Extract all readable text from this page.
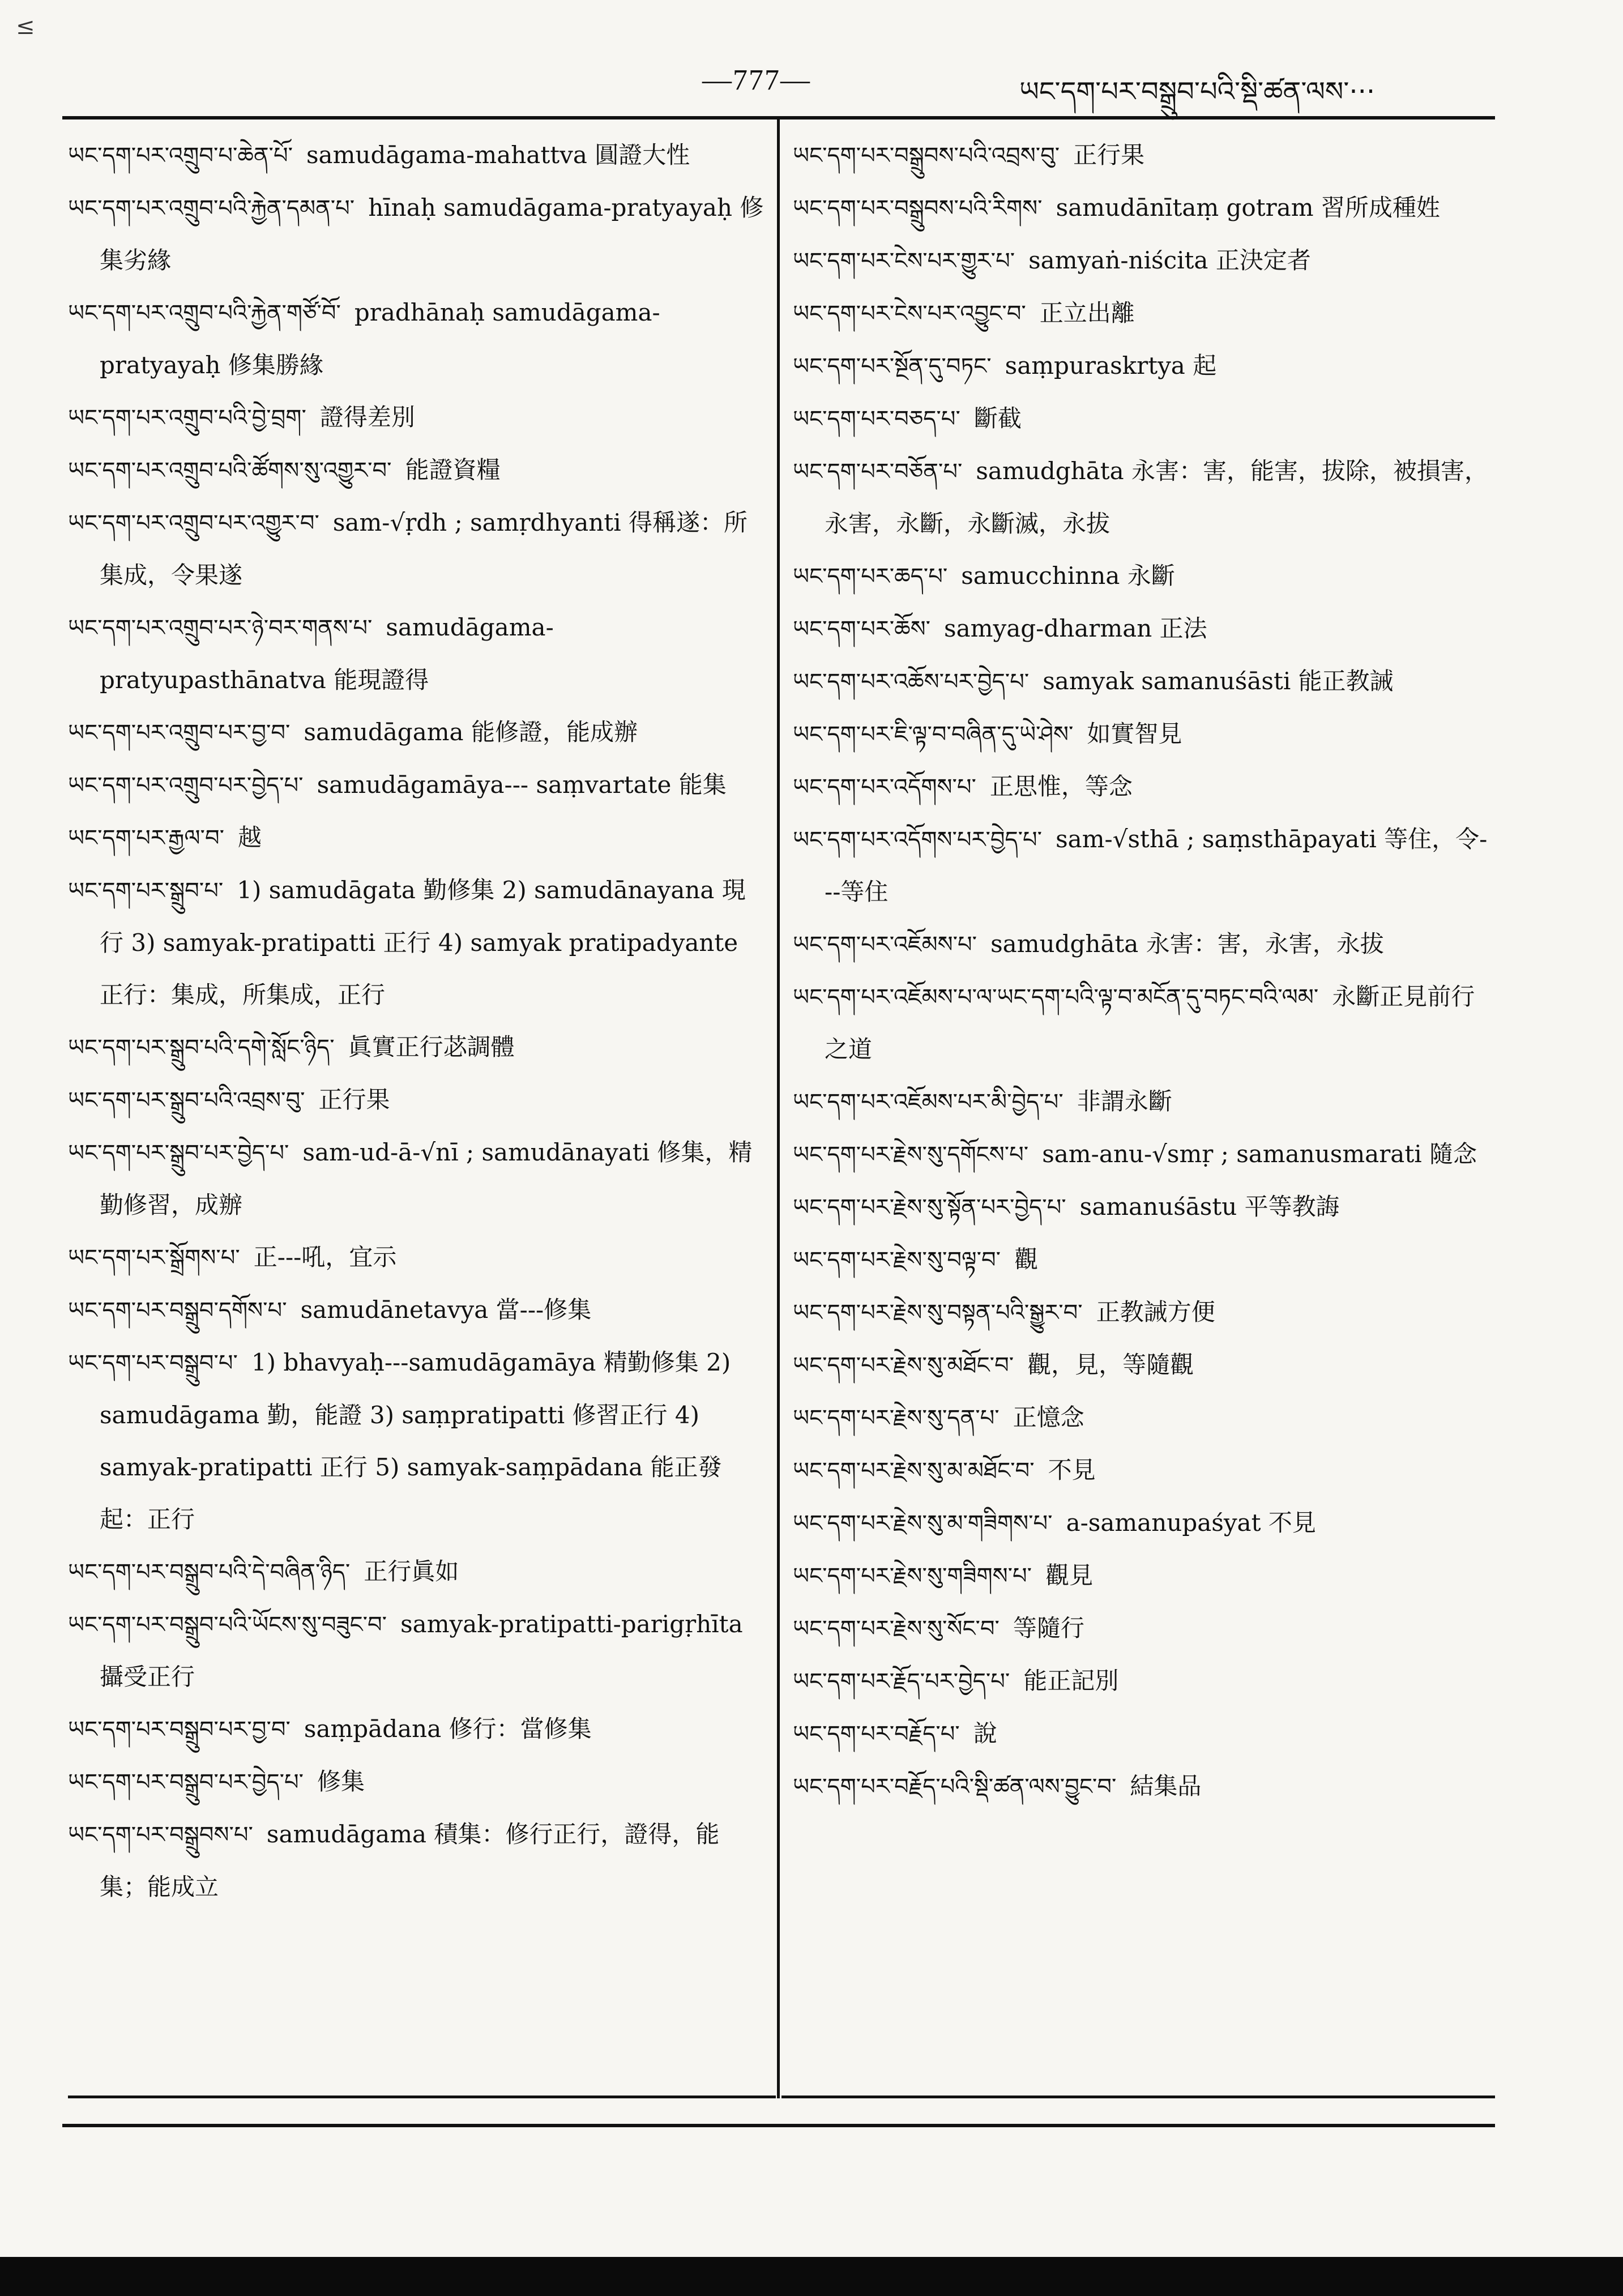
≤
—777—	ཡང་དག་པར་བསྒྲུབ་པའི་སྡི་ཚན་ལས་···
ཡང་དག་པར་འགྲུབ་པ་ཆེན་པོ་ samudāgama-mahattva 圓證大性
ཡང་དག་པར་འགྲུབ་པའི་རྐྱེན་དམན་པ་ hīnaḥ samudāgama-pratyayaḥ 修集劣緣
ཡང་དག་པར་འགྲུབ་པའི་རྐྱེན་གཙོ་བོ་ pradhānaḥ samudāgama-pratyayaḥ 修集勝緣
ཡང་དག་པར་འགྲུབ་པའི་བྱེ་བྲག་ 證得差別
ཡང་དག་པར་འགྲུབ་པའི་ཚོགས་སུ་འགྱུར་བ་ 能證資糧
ཡང་དག་པར་འགྲུབ་པར་འགྱུར་བ་ sam-√ṛdh ; samṛdhyanti 得稱遂：所集成，令果遂
ཡང་དག་པར་འགྲུབ་པར་ཉེ་བར་གནས་པ་ samudāgama-pratyupasthānatva 能現證得
ཡང་དག་པར་འགྲུབ་པར་བྱ་བ་ samudāgama 能修證，能成辦
ཡང་དག་པར་འགྲུབ་པར་བྱེད་པ་ samudāgamāya--- saṃvartate 能集
ཡང་དག་པར་རྒྱལ་བ་ 越
ཡང་དག་པར་སྒྲུབ་པ་ 1) samudāgata 勤修集 2) samudānayana 現行 3) samyak-pratipatti 正行 4) samyak pratipadyante 正行：集成，所集成，正行
ཡང་དག་པར་སྒྲུབ་པའི་དགེ་སློང་ཉིད་ 眞實正行苾調體
ཡང་དག་པར་སྒྲུབ་པའི་འབྲས་བུ་ 正行果
ཡང་དག་པར་སྒྲུབ་པར་བྱེད་པ་ sam-ud-ā-√nī ; samudānayati 修集，精勤修習，成辦
ཡང་དག་པར་སྒྲོགས་པ་ 正---吼，宜示
ཡང་དག་པར་བསྒྲུབ་དགོས་པ་ samudānetavya 當---修集
ཡང་དག་པར་བསྒྲུབ་པ་ 1) bhavyaḥ---samudāgamāya 精勤修集 2) samudāgama 勤，能證 3) saṃpratipatti 修習正行 4) samyak-pratipatti 正行 5) samyak-saṃpādana 能正發起：正行
ཡང་དག་པར་བསྒྲུབ་པའི་དེ་བཞིན་ཉིད་ 正行眞如
ཡང་དག་པར་བསྒྲུབ་པའི་ཡོངས་སུ་བཟུང་བ་ samyak-pratipatti-parigṛhīta 攝受正行
ཡང་དག་པར་བསྒྲུབ་པར་བྱ་བ་ saṃpādana 修行：當修集
ཡང་དག་པར་བསྒྲུབ་པར་བྱེད་པ་ 修集
ཡང་དག་པར་བསྒྲུབས་པ་ samudāgama 積集：修行正行，證得，能集；能成立
ཡང་དག་པར་བསྒྲུབས་པའི་འབྲས་བུ་ 正行果
ཡང་དག་པར་བསྒྲུབས་པའི་རིགས་ samudānītaṃ gotram 習所成種姓
ཡང་དག་པར་ངེས་པར་གྱུར་པ་ samyaṅ-niścita 正決定者
ཡང་དག་པར་ངེས་པར་འབྱུང་བ་ 正立出離
ཡང་དག་པར་སྔོན་དུ་བཏང་ saṃpuraskrtya 起
ཡང་དག་པར་བཅད་པ་ 斷截
ཡང་དག་པར་བཅོན་པ་ samudghāta 永害：害，能害，拔除，被損害，永害，永斷，永斷滅，永拔
ཡང་དག་པར་ཆད་པ་ samucchinna 永斷
ཡང་དག་པར་ཆོས་ samyag-dharman 正法
ཡང་དག་པར་འཆོས་པར་བྱེད་པ་ samyak samanuśāsti 能正教誡
ཡང་དག་པར་ཇི་ལྟ་བ་བཞིན་དུ་ཡེ་ཤེས་ 如實智見
ཡང་དག་པར་འདོགས་པ་ 正思惟，等念
ཡང་དག་པར་འདོགས་པར་བྱེད་པ་ sam-√sthā ; saṃsthāpayati 等住，令---等住
ཡང་དག་པར་འཇོམས་པ་ samudghāta 永害：害，永害，永拔
ཡང་དག་པར་འཇོམས་པ་ལ་ཡང་དག་པའི་ལྟ་བ་མངོན་དུ་བཏང་བའི་ལམ་ 永斷正見前行之道
ཡང་དག་པར་འཇོམས་པར་མི་བྱེད་པ་ 非謂永斷
ཡང་དག་པར་རྗེས་སུ་དགོངས་པ་ sam-anu-√smṛ ; samanusmarati 隨念
ཡང་དག་པར་རྗེས་སུ་སྟོན་པར་བྱེད་པ་ samanuśāstu 平等教誨
ཡང་དག་པར་རྗེས་སུ་བལྟ་བ་ 觀
ཡང་དག་པར་རྗེས་སུ་བསྟན་པའི་སྒྱུར་བ་ 正教誡方便
ཡང་དག་པར་རྗེས་སུ་མཐོང་བ་ 觀，見，等隨觀
ཡང་དག་པར་རྗེས་སུ་དན་པ་ 正憶念
ཡང་དག་པར་རྗེས་སུ་མ་མཐོང་བ་ 不見
ཡང་དག་པར་རྗེས་སུ་མ་གཟིགས་པ་ a-samanupaśyat 不見
ཡང་དག་པར་རྗེས་སུ་གཟིགས་པ་ 觀見
ཡང་དག་པར་རྗེས་སུ་སོང་བ་ 等隨行
ཡང་དག་པར་རྗོད་པར་བྱེད་པ་ 能正記別
ཡང་དག་པར་བརྗོད་པ་ 說
ཡང་དག་པར་བརྗོད་པའི་སྡི་ཚན་ལས་བྱུང་བ་ 結集品
